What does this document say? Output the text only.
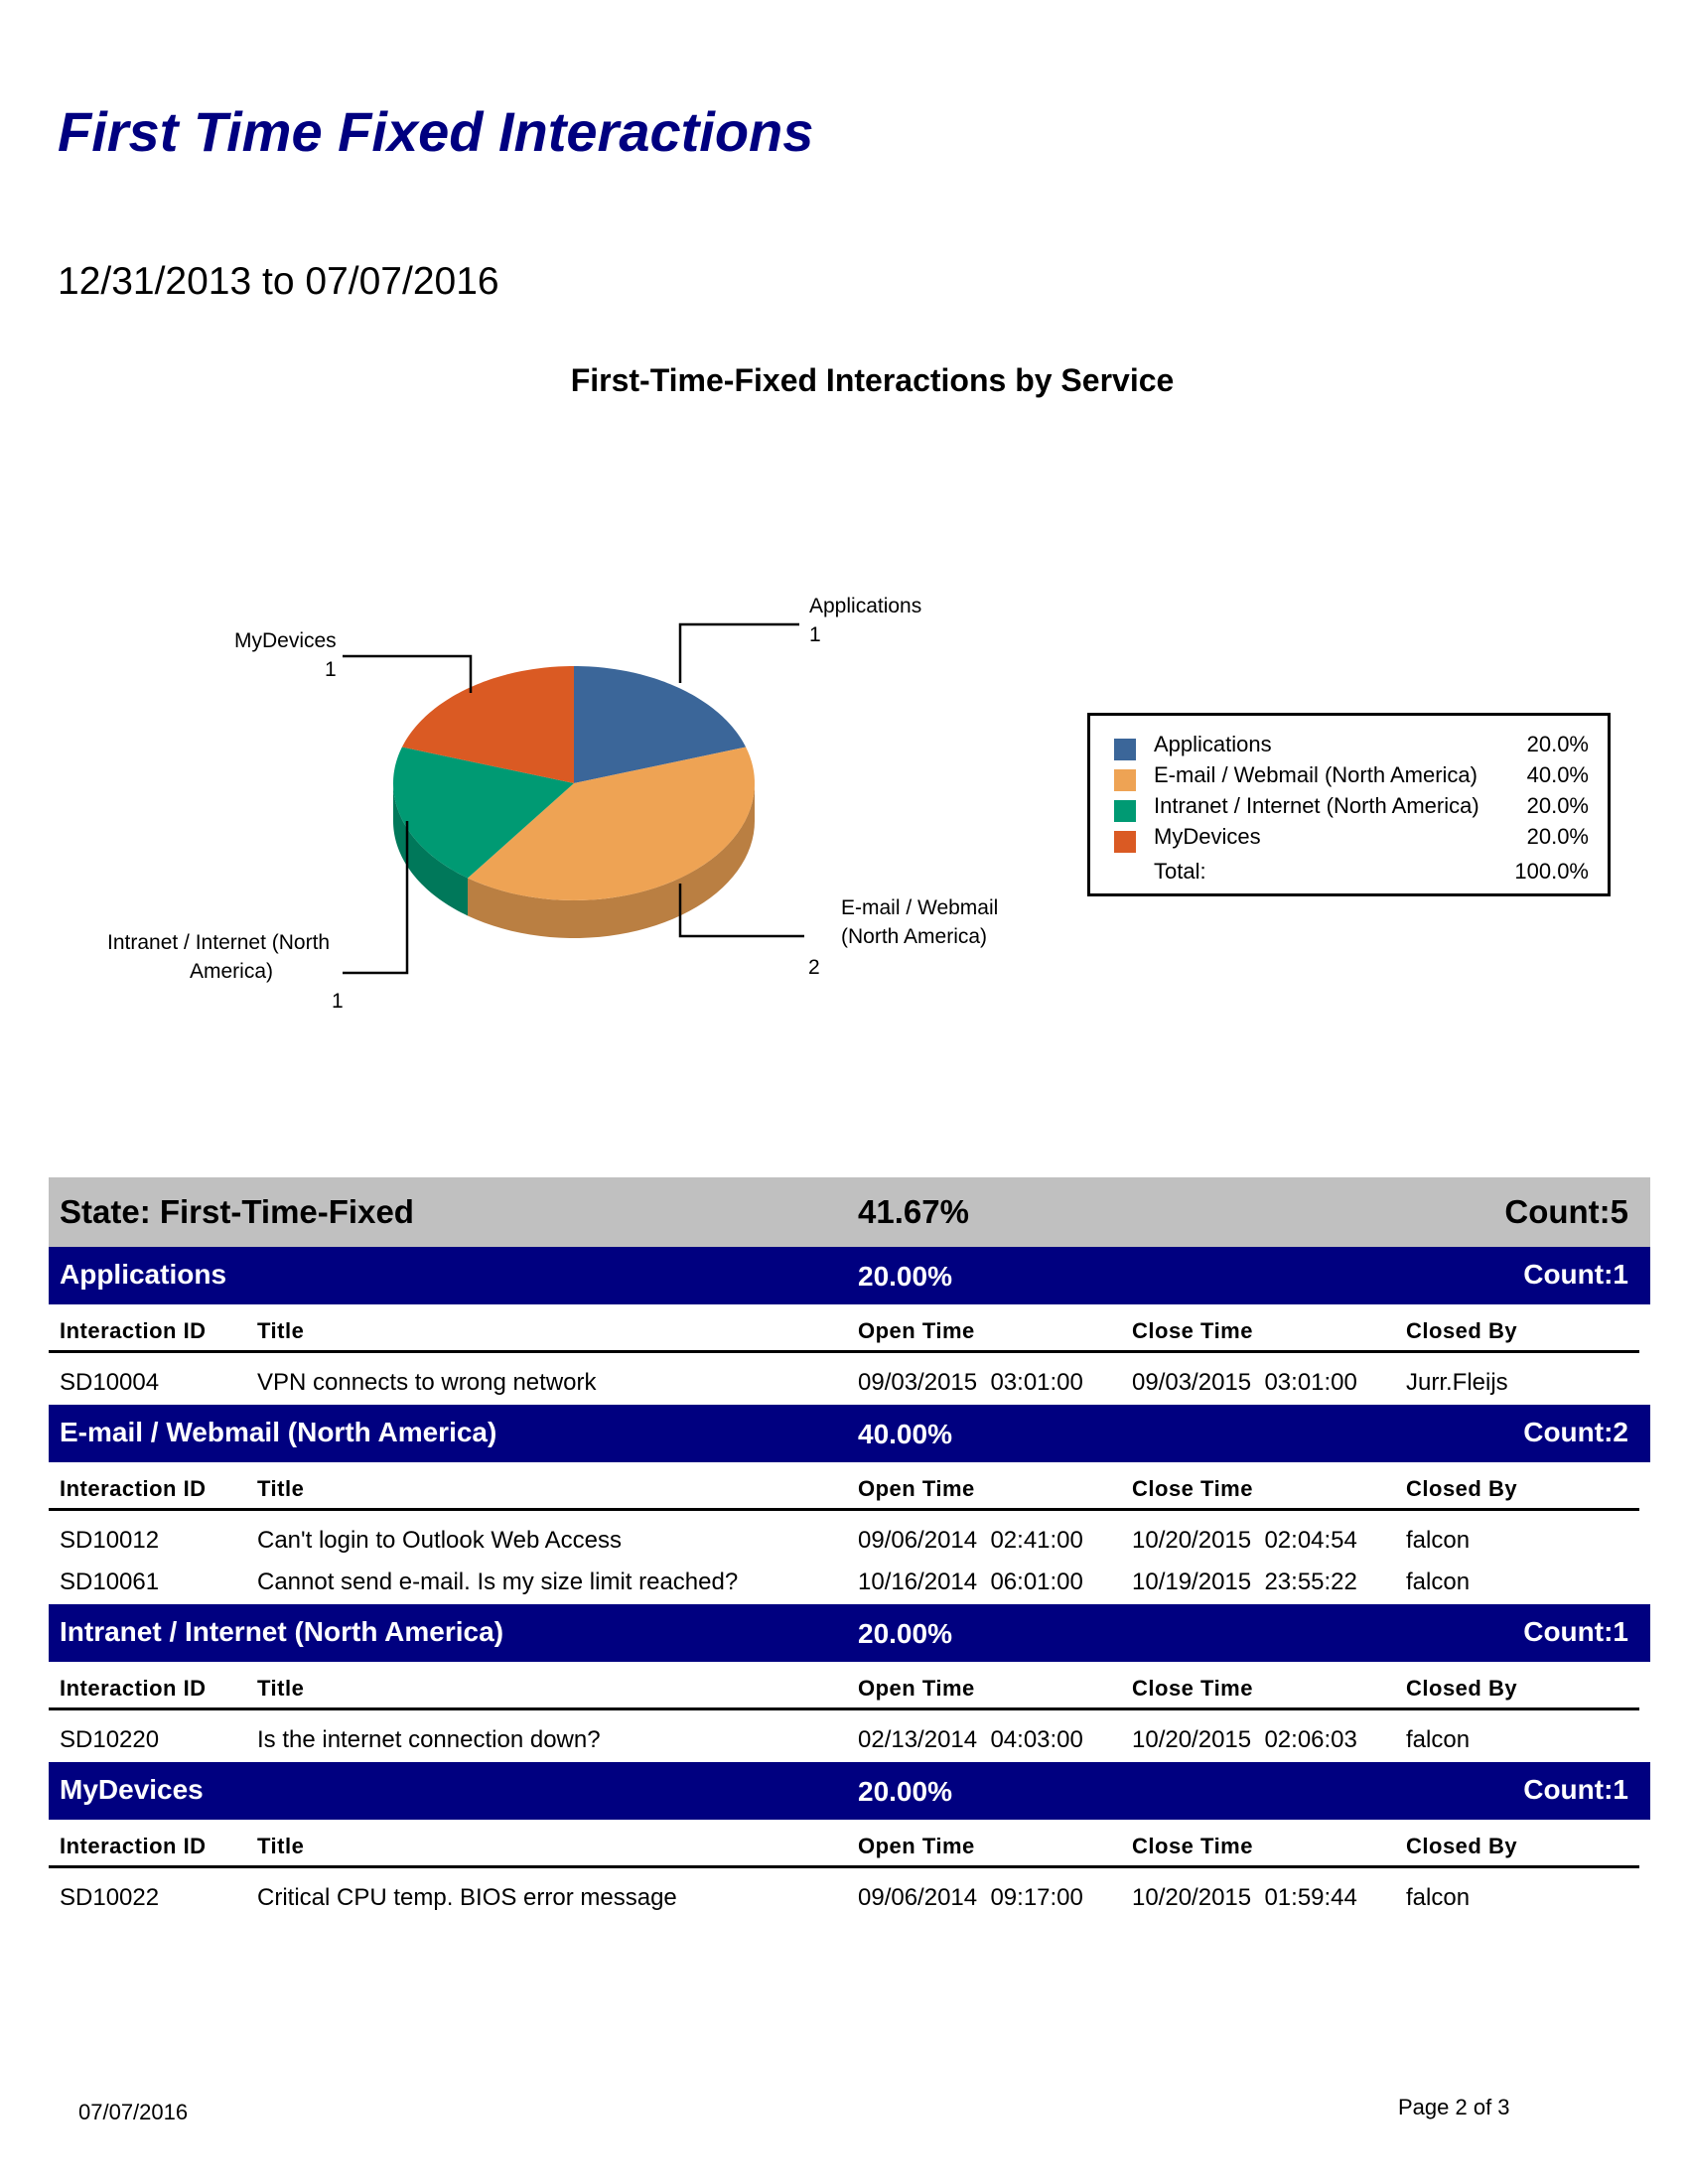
First Time Fixed Interactions
12/31/2013 to 07/07/2016
First-Time-Fixed Interactions by Service
Applications
1
MyDevices
1
E-mail / Webmail
(North America)
2
Intranet / Internet (North
America)
1
Applications	20.0%
E-mail / Webmail (North America) 40.0%
Intranet / Internet (North America) 20.0%
MyDevices	20.0%
Total:	100.0%
State: First-Time-Fixed	41.67%	Count:5
Applications	20.00%	Count:1
Interaction ID Title	Open Time	Close Time	Closed By
SD10004	VPN connects to wrong network	09/03/2015  03:01:00 09/03/2015  03:01:00 Jurr.Fleijs
E-mail / Webmail (North America)	40.00%	Count:2
Interaction ID Title	Open Time	Close Time	Closed By
SD10012	Can't login to Outlook Web Access	09/06/2014  02:41:00 10/20/2015  02:04:54 falcon
SD10061	Cannot send e-mail. Is my size limit reached?	10/16/2014  06:01:00 10/19/2015  23:55:22 falcon
Intranet / Internet (North America)	20.00%	Count:1
Interaction ID Title	Open Time	Close Time	Closed By
SD10220	Is the internet connection down?	02/13/2014  04:03:00 10/20/2015  02:06:03 falcon
MyDevices	20.00%	Count:1
Interaction ID Title	Open Time	Close Time	Closed By
SD10022	Critical CPU temp. BIOS error message	09/06/2014  09:17:00 10/20/2015  01:59:44 falcon
07/07/2016	Page 2 of 3
